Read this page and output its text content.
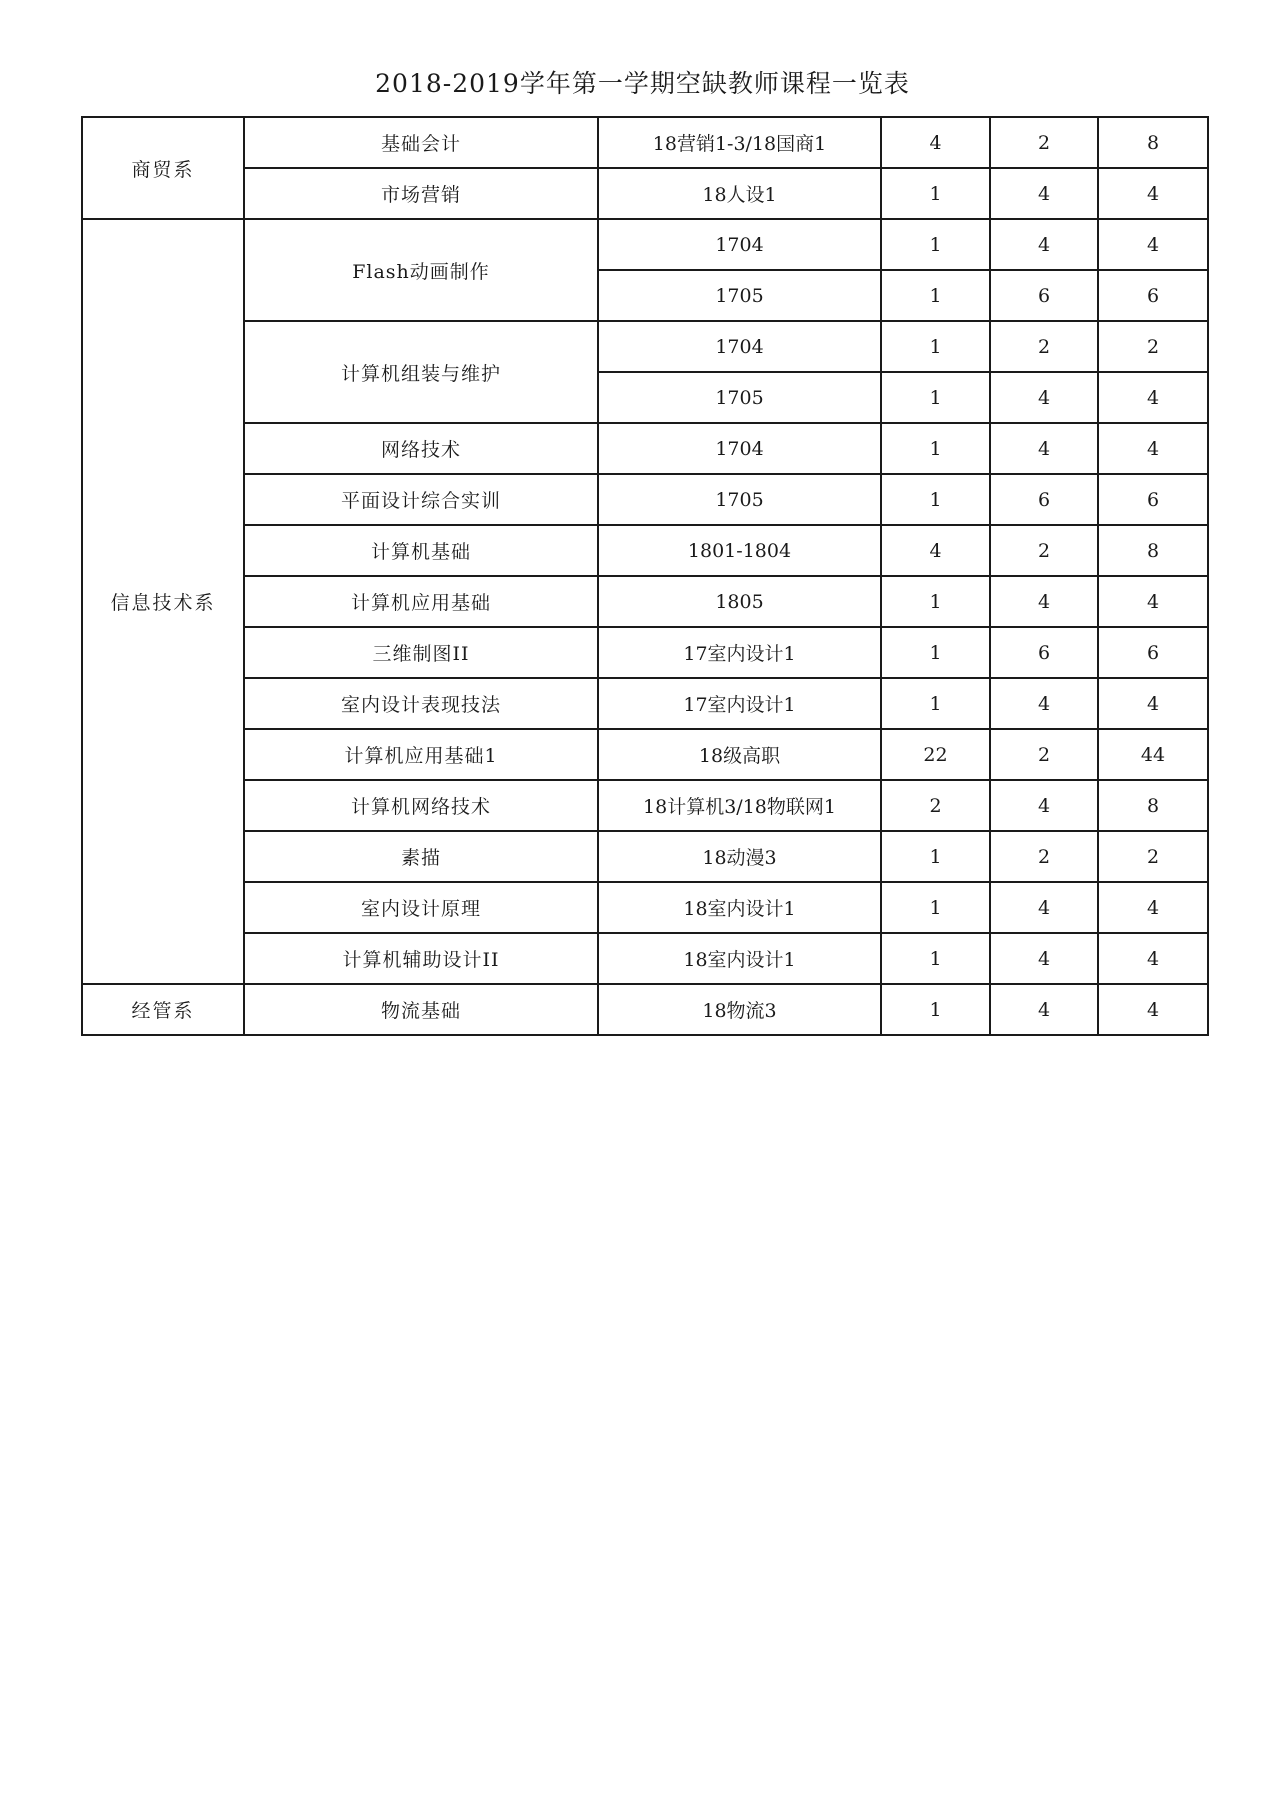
2018-2019学年第一学期空缺教师课程一览表
商贸系	基础会计	18营销1-3/18国商1	4	2	8
	市场营销	18人设1	1	4	4
信息技术系	Flash动画制作	1704	1	4	4
		1705	1	6	6
	计算机组装与维护	1704	1	2	2
		1705	1	4	4
	网络技术	1704	1	4	4
	平面设计综合实训	1705	1	6	6
	计算机基础	1801-1804	4	2	8
	计算机应用基础	1805	1	4	4
	三维制图II	17室内设计1	1	6	6
	室内设计表现技法	17室内设计1	1	4	4
	计算机应用基础1	18级高职	22	2	44
	计算机网络技术	18计算机3/18物联网1	2	4	8
	素描	18动漫3	1	2	2
	室内设计原理	18室内设计1	1	4	4
	计算机辅助设计II	18室内设计1	1	4	4
经管系	物流基础	18物流3	1	4	4
